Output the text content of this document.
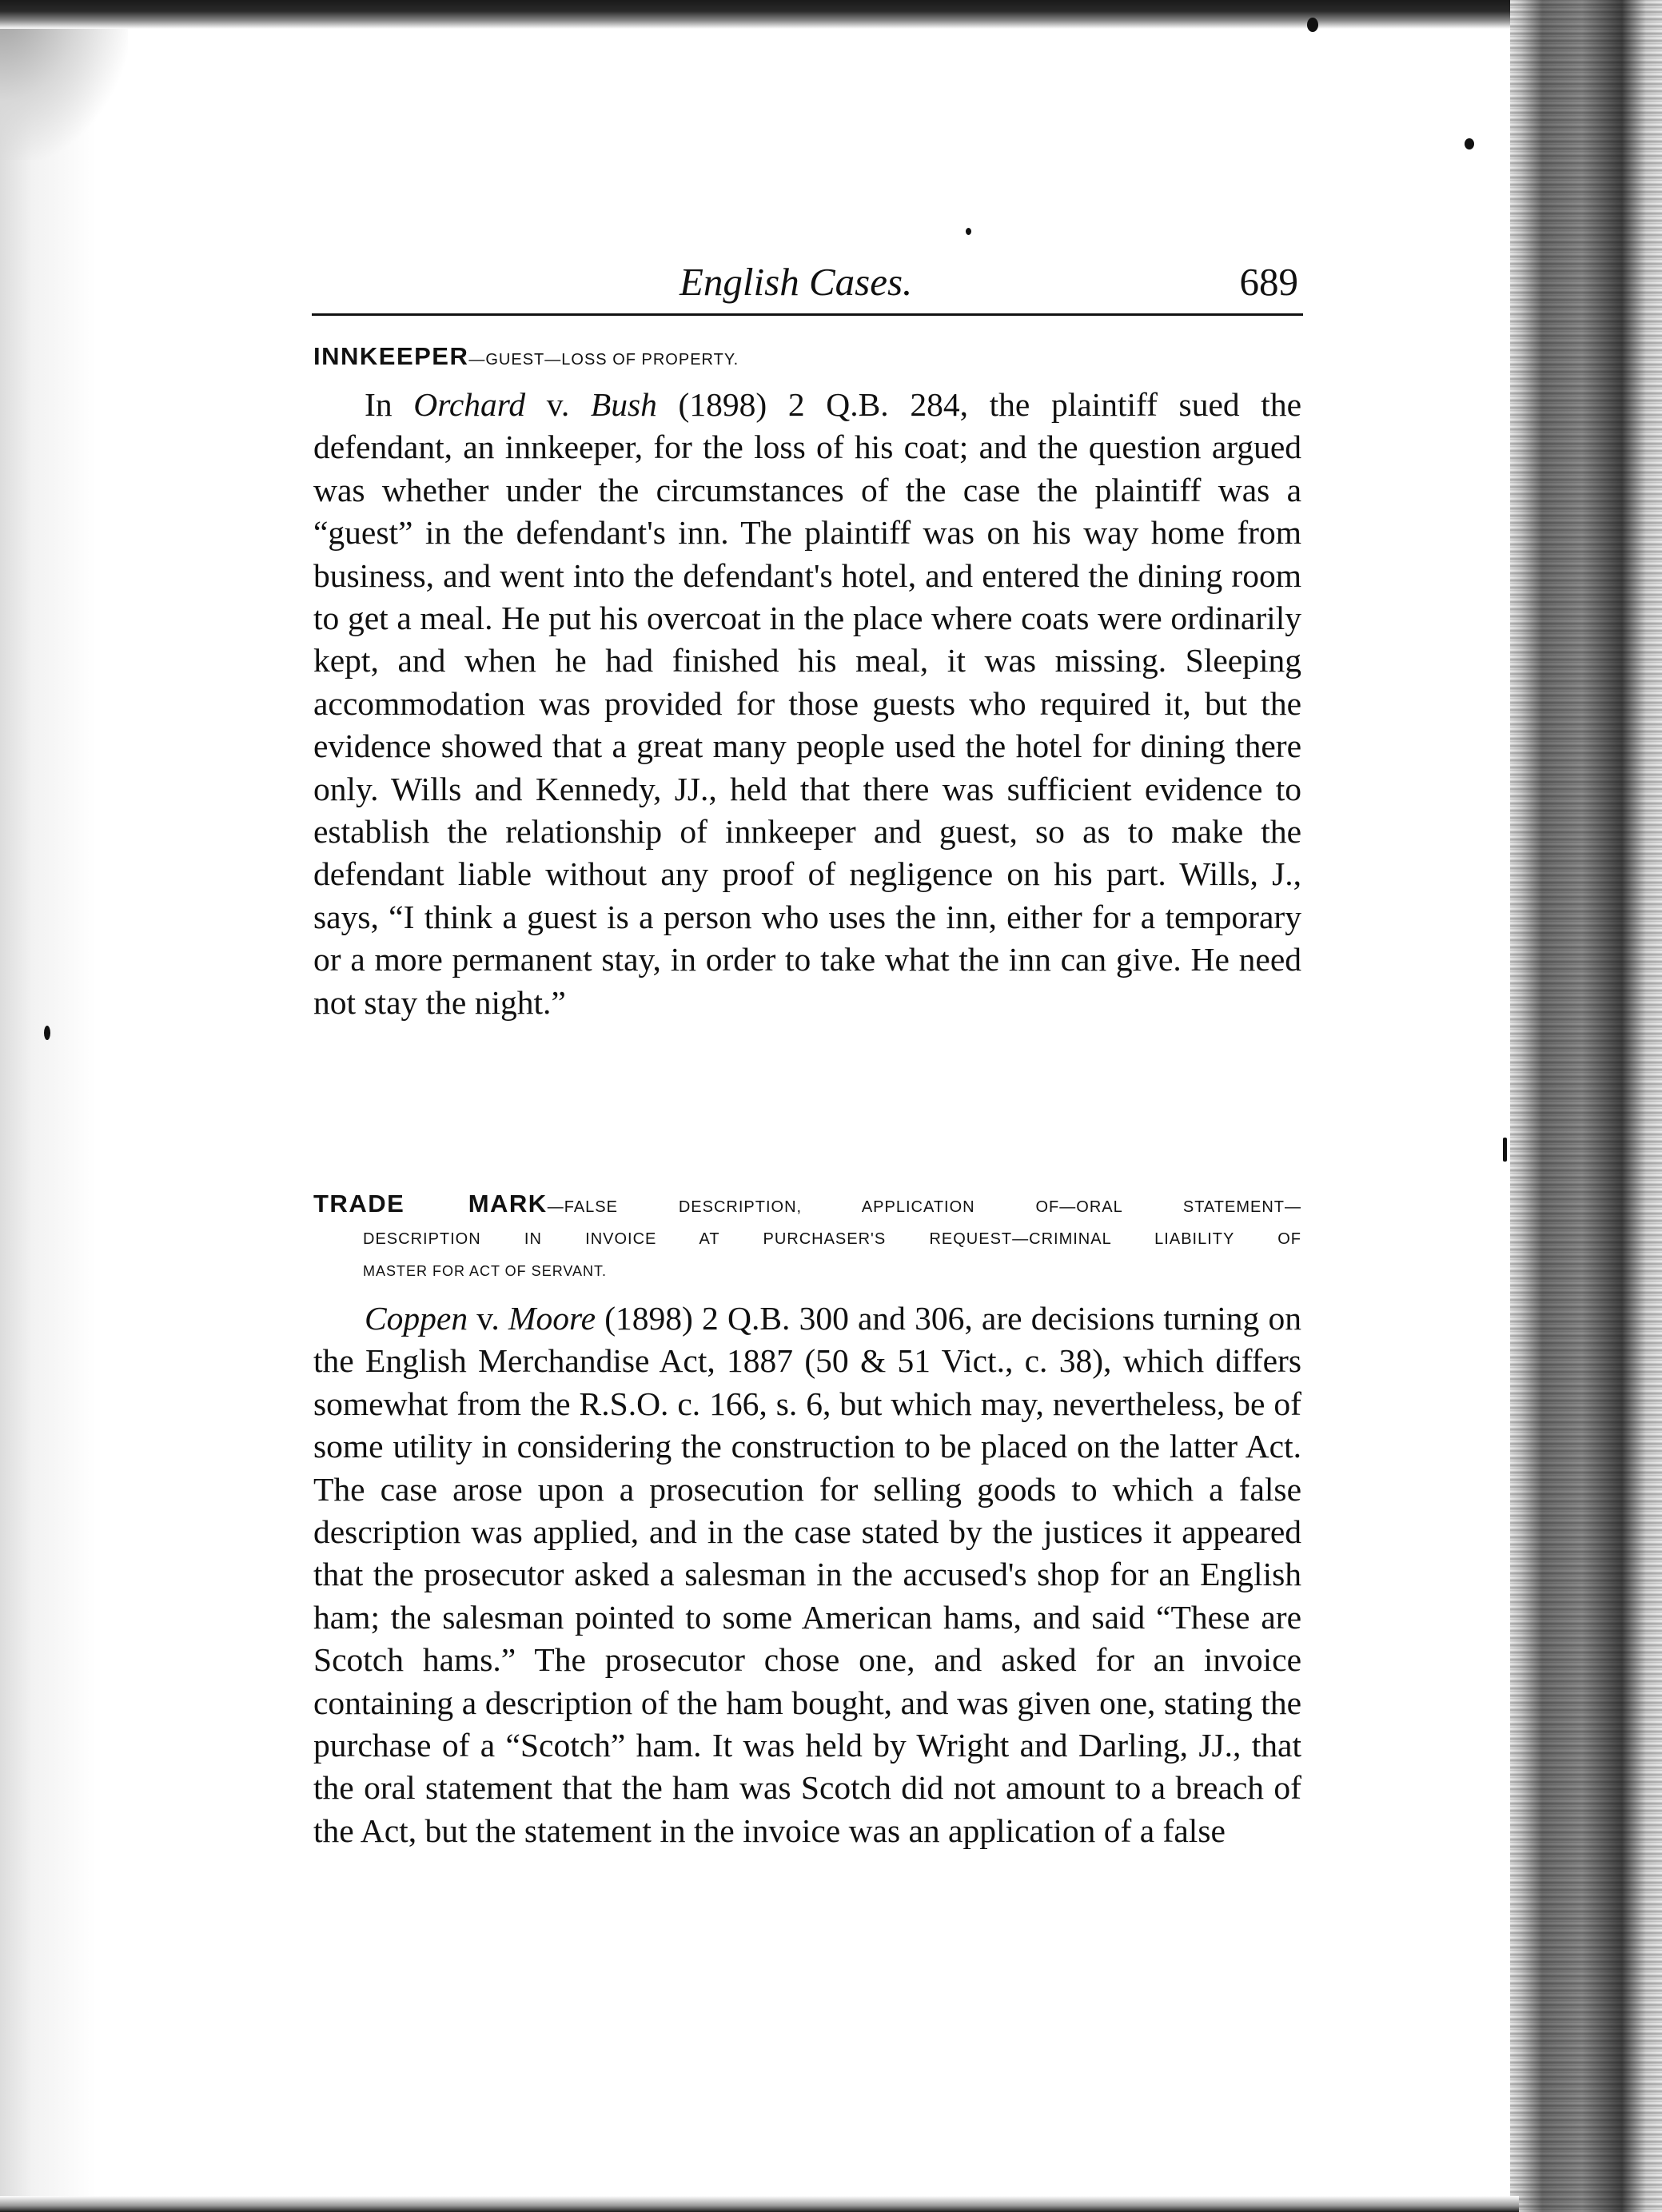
English Cases.	689
INNKEEPER—GUEST—LOSS OF PROPERTY.

In Orchard v. Bush (1898) 2 Q.B. 284, the plaintiff sued the defendant, an innkeeper, for the loss of his coat; and the question argued was whether under the circumstances of the case the plaintiff was a “guest” in the defendant's inn. The plaintiff was on his way home from business, and went into the defendant's hotel, and entered the dining room to get a meal. He put his overcoat in the place where coats were ordinarily kept, and when he had finished his meal, it was missing. Sleeping accommodation was provided for those guests who required it, but the evidence showed that a great many people used the hotel for dining there only. Wills and Kennedy, JJ., held that there was sufficient evidence to establish the relationship of innkeeper and guest, so as to make the defendant liable without any proof of negligence on his part. Wills, J., says, “I think a guest is a person who uses the inn, either for a temporary or a more permanent stay, in order to take what the inn can give. He need not stay the night.”

TRADE MARK—FALSE DESCRIPTION, APPLICATION OF—ORAL STATEMENT—
DESCRIPTION IN INVOICE AT PURCHASER'S REQUEST—CRIMINAL LIABILITY OF
MASTER FOR ACT OF SERVANT.

Coppen v. Moore (1898) 2 Q.B. 300 and 306, are decisions turning on the English Merchandise Act, 1887 (50 & 51 Vict., c. 38), which differs somewhat from the R.S.O. c. 166, s. 6, but which may, nevertheless, be of some utility in considering the construction to be placed on the latter Act. The case arose upon a prosecution for selling goods to which a false description was applied, and in the case stated by the justices it appeared that the prosecutor asked a salesman in the accused's shop for an English ham; the salesman pointed to some American hams, and said “These are Scotch hams.” The prosecutor chose one, and asked for an invoice containing a description of the ham bought, and was given one, stating the purchase of a “Scotch” ham. It was held by Wright and Darling, JJ., that the oral statement that the ham was Scotch did not amount to a breach of the Act, but the statement in the invoice was an application of a false
